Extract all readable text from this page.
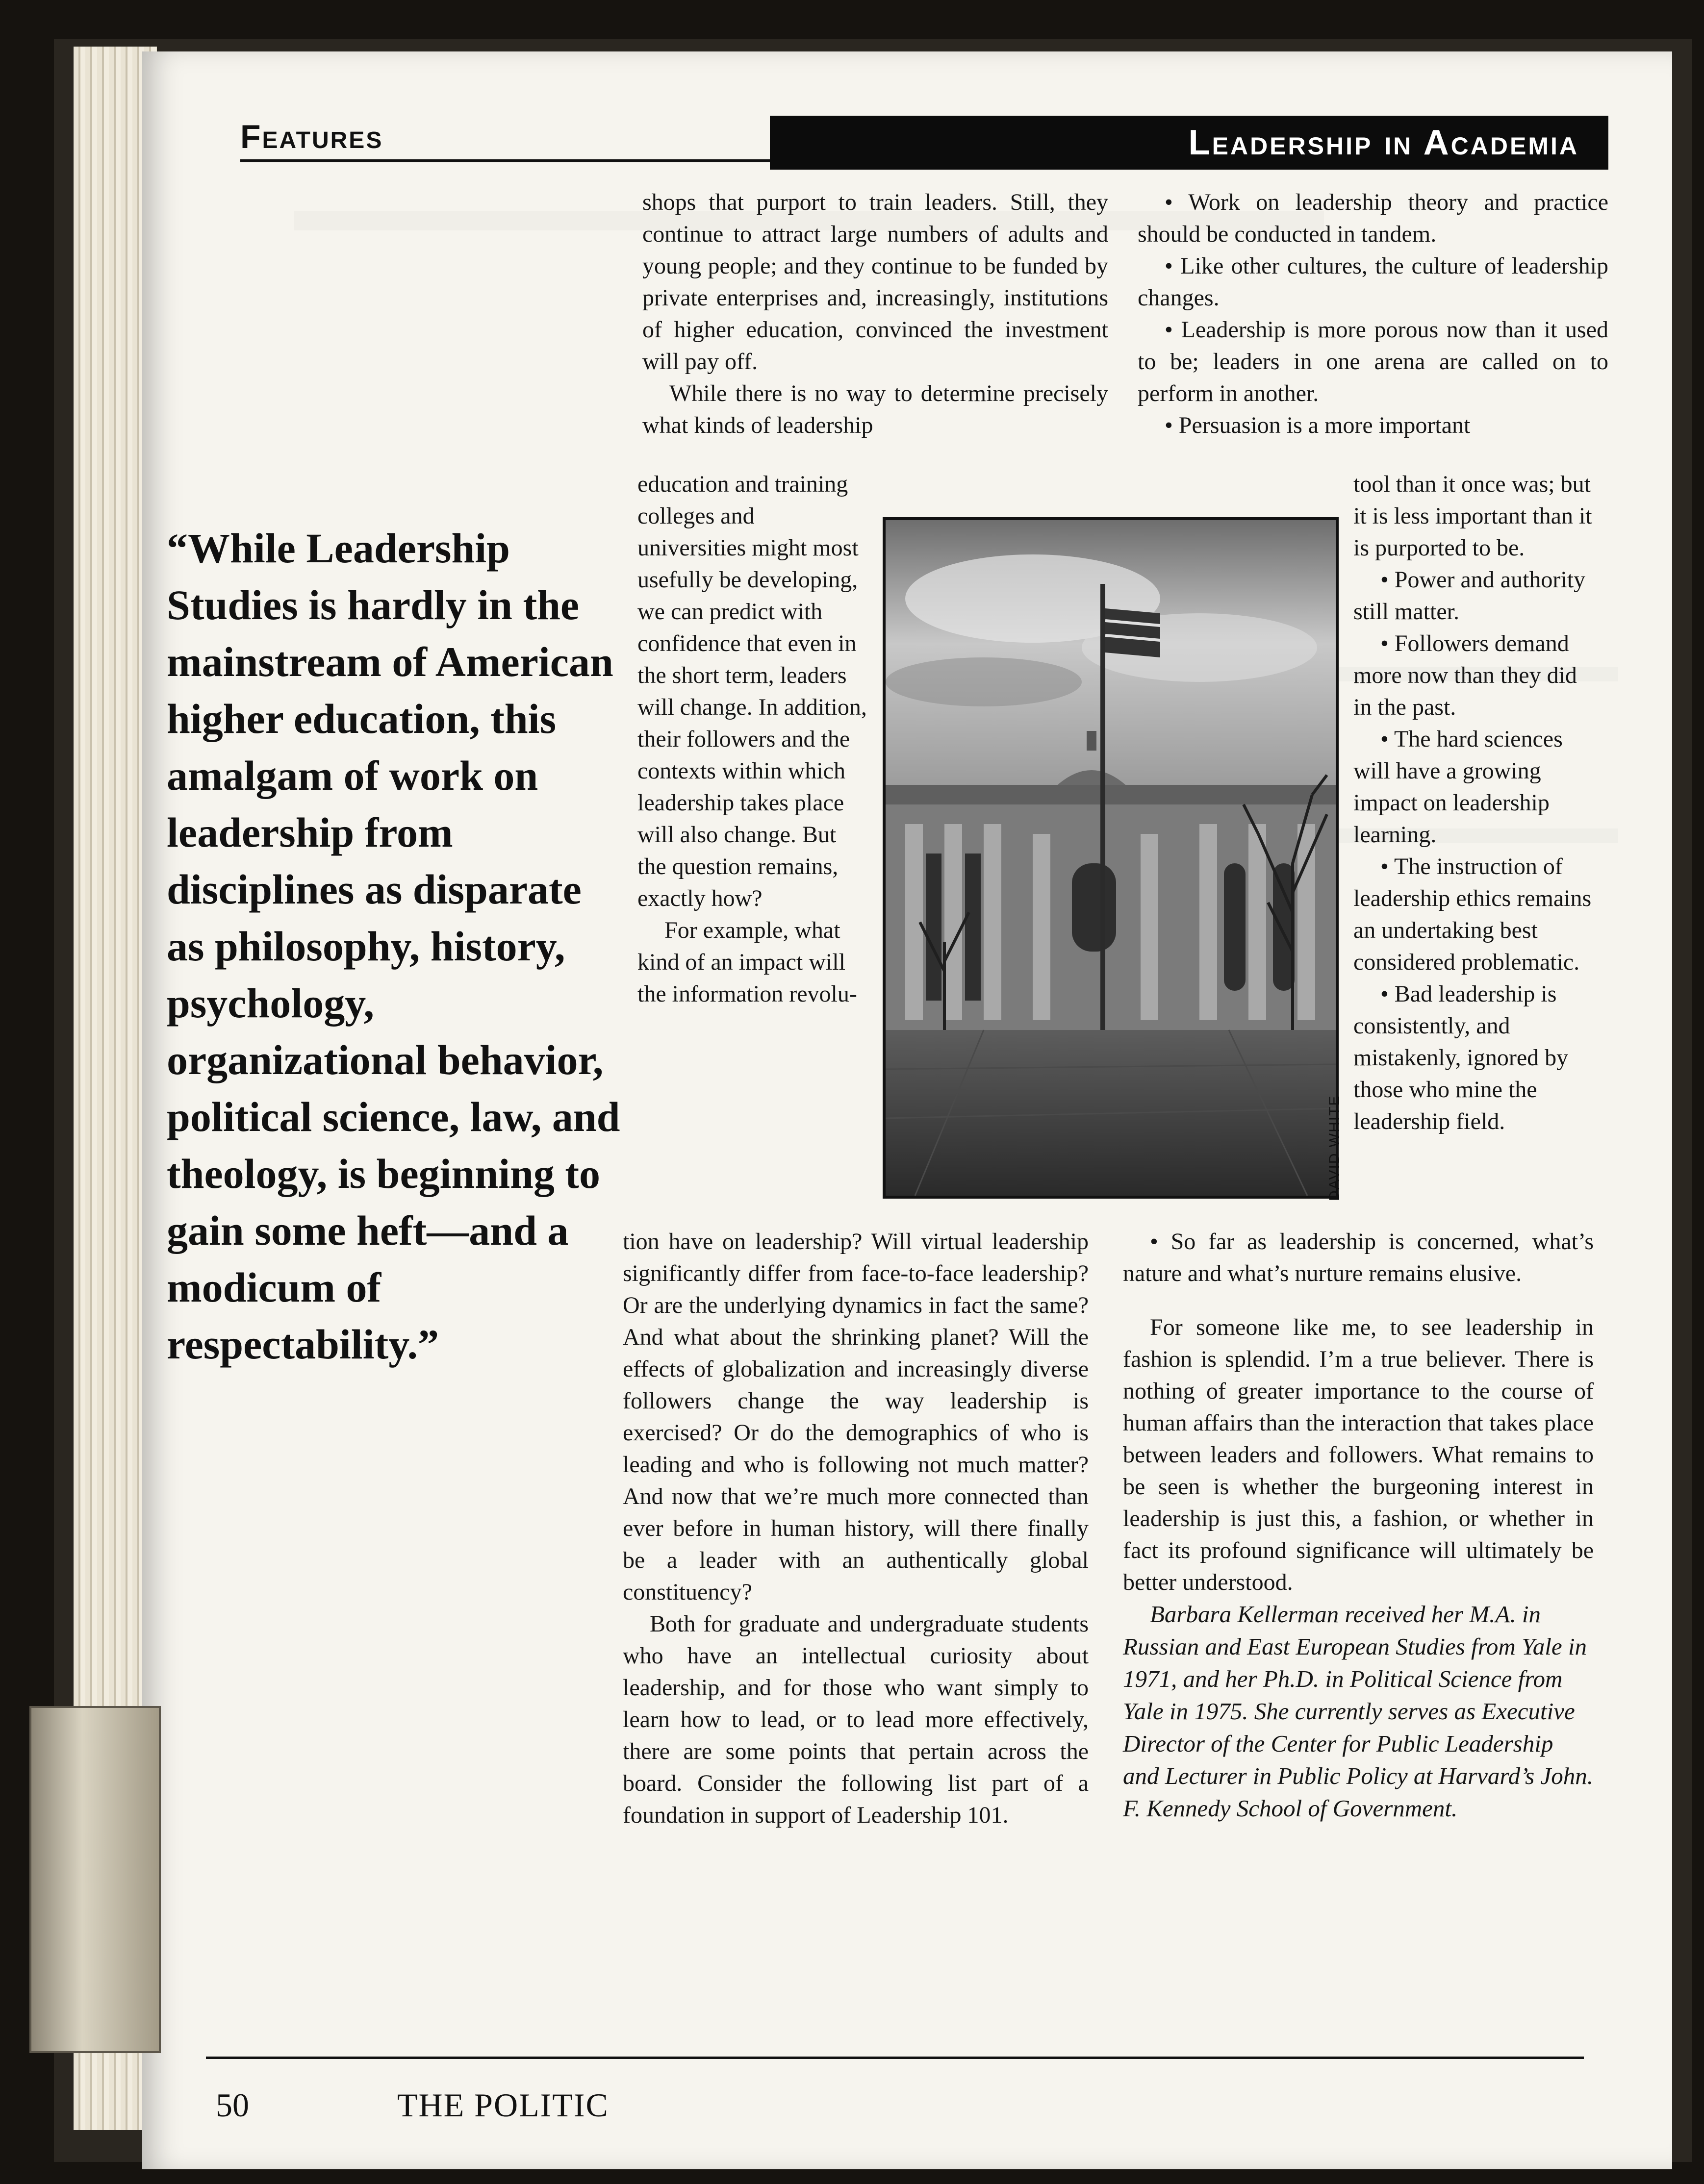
Features	Leadership in Academia
“While Leadership Studies is hardly in the mainstream of American higher education, this amalgam of work on leadership from disciplines as disparate as philosophy, history, psychology, organizational behavior, political science, law, and theology, is beginning to gain some heft—and a modicum of respectability.”

shops that purport to train leaders. Still, they continue to attract large numbers of adults and young people; and they continue to be funded by private enterprises and, increasingly, institutions of higher education, convinced the investment will pay off.

While there is no way to determine precisely what kinds of leadership

education and training colleges and universities might most usefully be developing, we can predict with confidence that even in the short term, leaders will change. In addition, their followers and the contexts within which leadership takes place will also change. But the question remains, exactly how?

For example, what kind of an impact will the information revolu-

tion have on leadership? Will virtual leadership significantly differ from face-to-face leadership? Or are the underlying dynamics in fact the same? And what about the shrinking planet? Will the effects of globalization and increasingly diverse followers change the way leadership is exercised? Or do the demographics of who is leading and who is following not much matter? And now that we’re much more connected than ever before in human history, will there finally be a leader with an authentically global constituency?

Both for graduate and undergraduate students who have an intellectual curiosity about leadership, and for those who want simply to learn how to lead, or to lead more effectively, there are some points that pertain across the board. Consider the following list part of a foundation in support of Leadership 101.

DAVID WHITE

• Work on leadership theory and practice should be conducted in tandem.

• Like other cultures, the culture of leadership changes.

• Leadership is more porous now than it used to be; leaders in one arena are called on to perform in another.

• Persuasion is a more important

tool than it once was; but it is less important than it is purported to be.

• Power and authority still matter.

• Followers demand more now than they did in the past.

• The hard sciences will have a growing impact on leadership learning.

• The instruction of leadership ethics remains an undertaking best considered problematic.

• Bad leadership is consistently, and mistakenly, ignored by those who mine the leadership field.

• So far as leadership is concerned, what’s nature and what’s nurture remains elusive.

For someone like me, to see leadership in fashion is splendid. I’m a true believer. There is nothing of greater importance to the course of human affairs than the interaction that takes place between leaders and followers. What remains to be seen is whether the burgeoning interest in leadership is just this, a fashion, or whether in fact its profound significance will ultimately be better understood.

Barbara Kellerman received her M.A. in Russian and East European Studies from Yale in 1971, and her Ph.D. in Political Science from Yale in 1975. She currently serves as Executive Director of the Center for Public Leadership and Lecturer in Public Policy at Harvard’s John. F. Kennedy School of Government.

50	THE POLITIC
